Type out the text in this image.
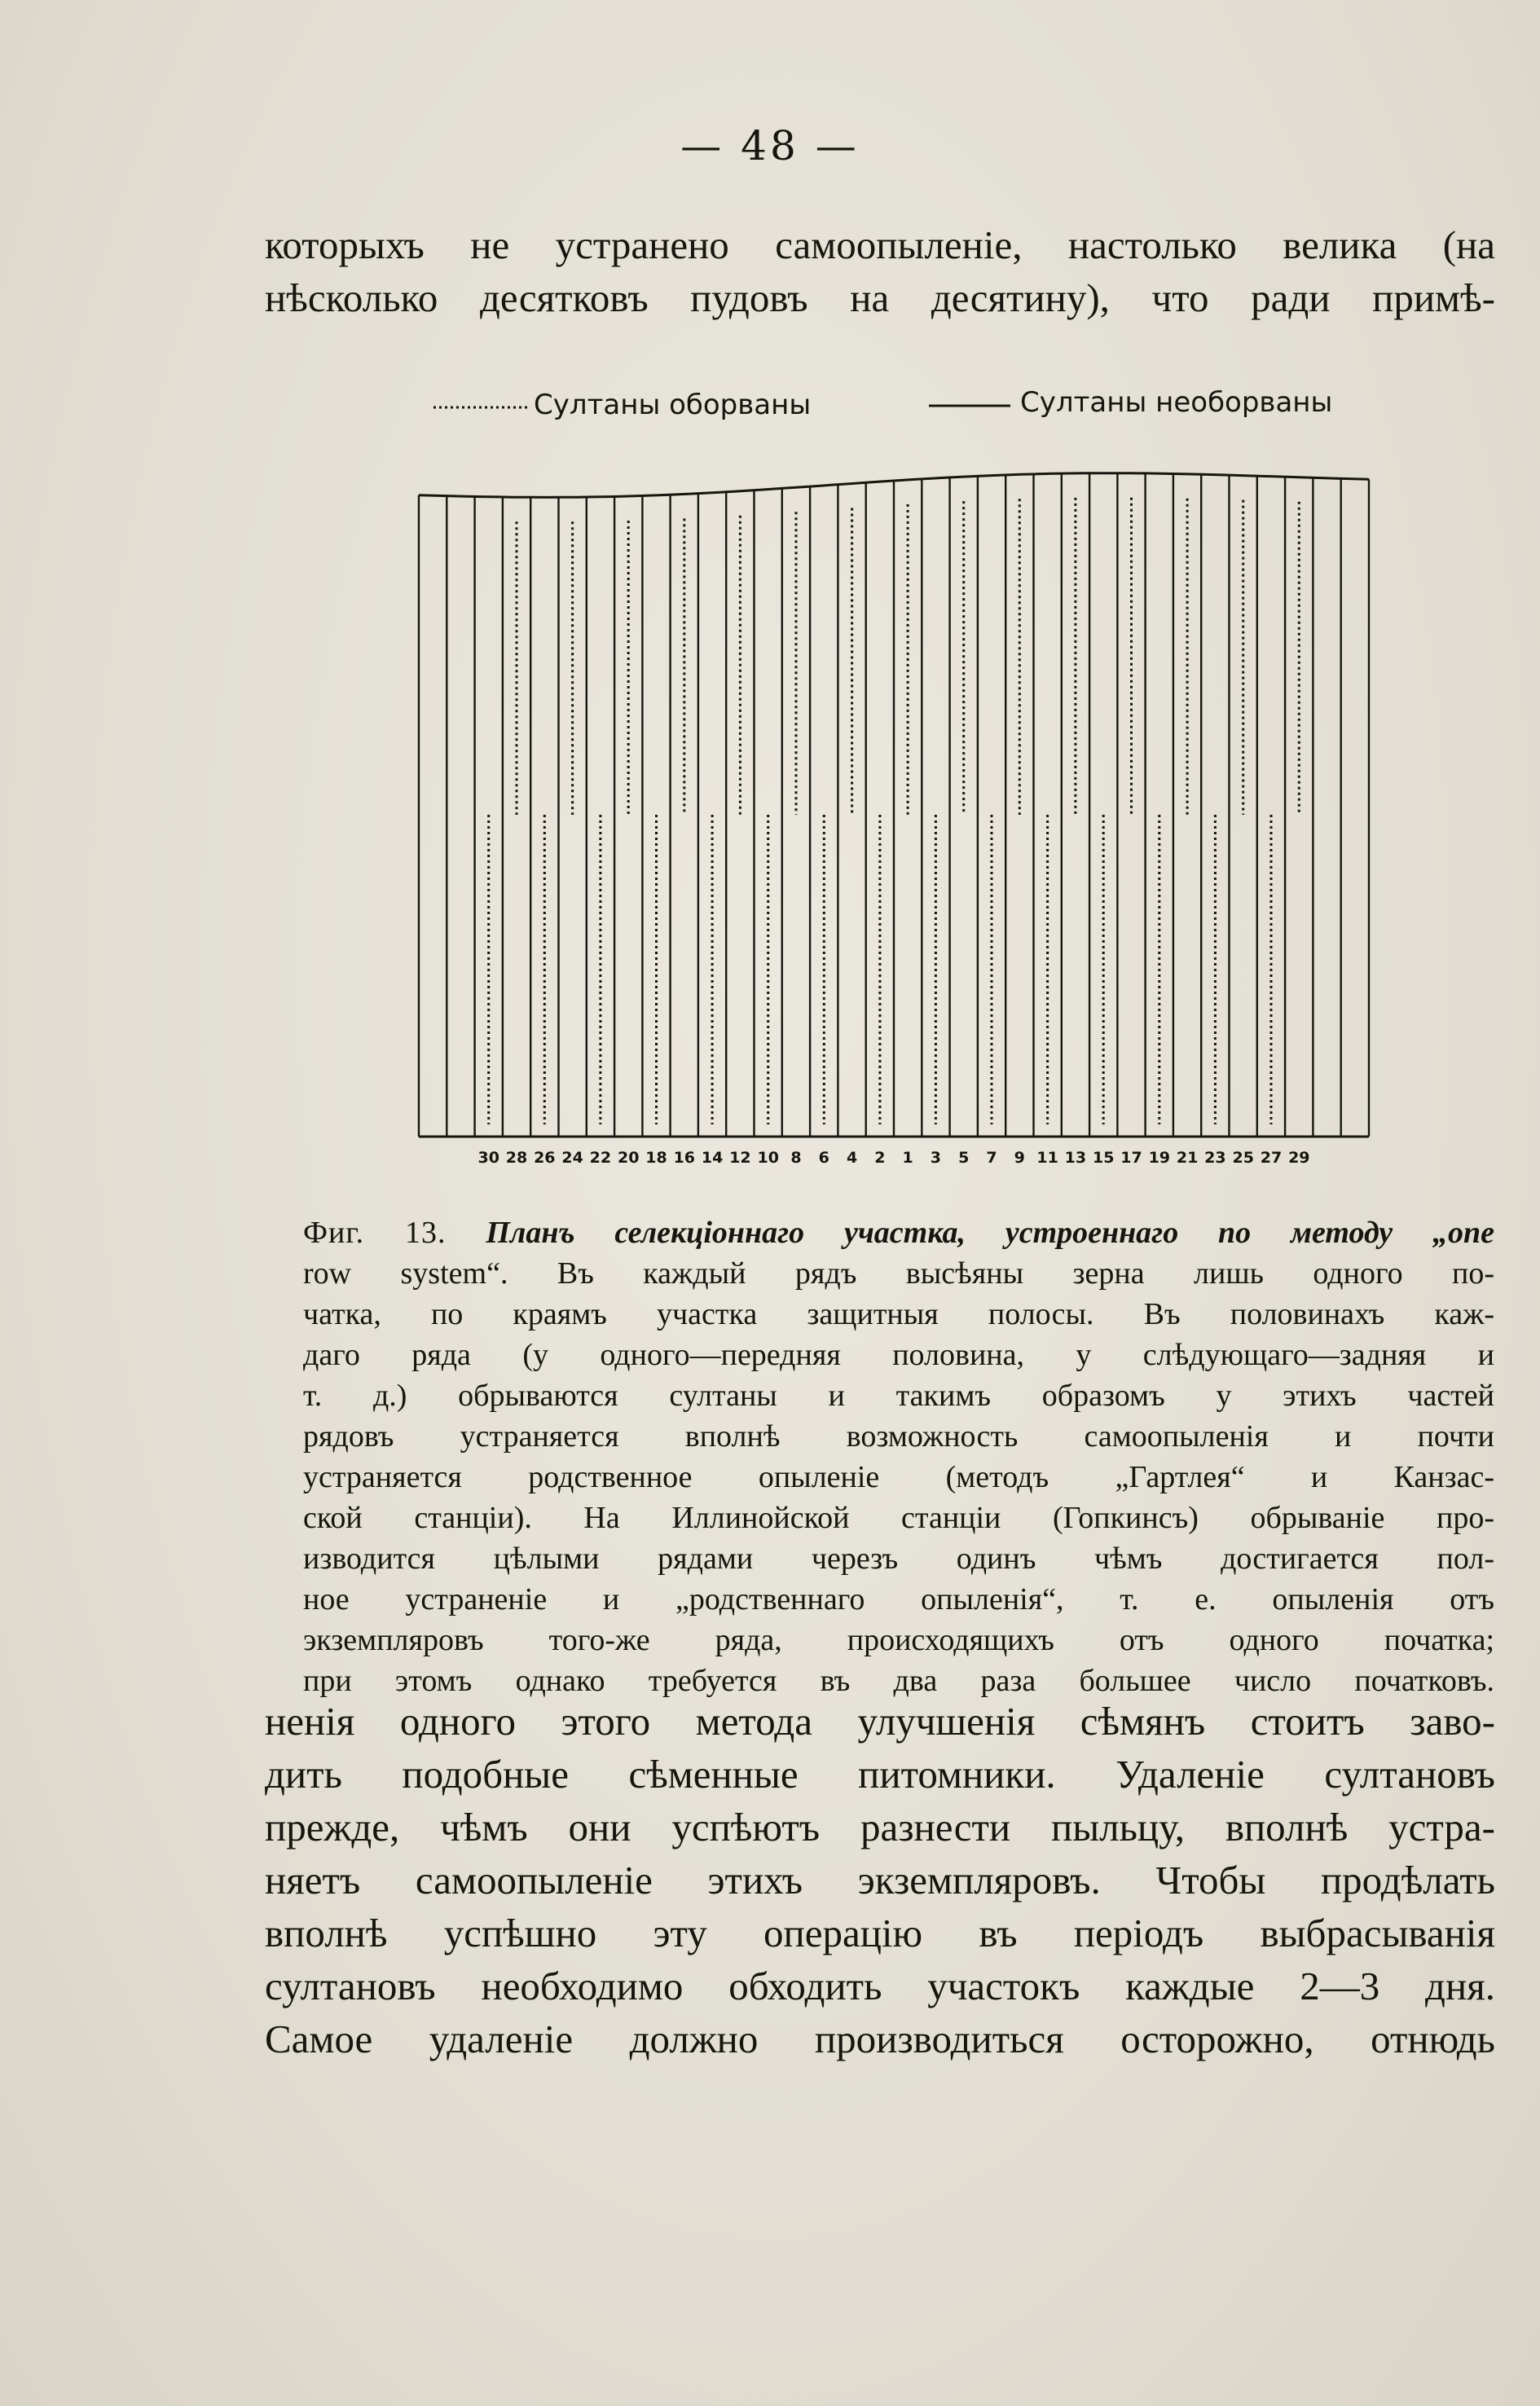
— 48 —
которыхъ не устранено самоопыленіе, настолько велика (на
нѣсколько десятковъ пудовъ на десятину), что ради примѣ-
Султаны оборваны	Султаны необорваны
30 28 26 24 22 20 18 16 14 12 10 8 6 4 2 1 3 5 7 9 11 13 15 17 19 21 23 25 27 29
Фиг. 13. Планъ селекціоннаго участка, устроеннаго по методу „one
row system“. Въ каждый рядъ высѣяны зерна лишь одного по-
чатка, по краямъ участка защитныя полосы. Въ половинахъ каж-
даго ряда (у одного—передняя половина, у слѣдующаго—задняя и
т. д.) обрываются султаны и такимъ образомъ у этихъ частей
рядовъ устраняется вполнѣ возможность самоопыленія и почти
устраняется родственное опыленіе (методъ „Гартлея“ и Канзас-
ской станціи). На Иллинойской станціи (Гопкинсъ) обрыванiе про-
изводится цѣлыми рядами черезъ одинъ чѣмъ достигается пол-
ное устраненіе и „родственнаго опыленія“, т. е. опыленія отъ
экземпляровъ того-же ряда, происходящихъ отъ одного початка;
при этомъ однако требуется въ два раза большее число початковъ.
ненія одного этого метода улучшенія сѣмянъ стоитъ заво-
дить подобные сѣменные питомники. Удаленіе султановъ
прежде, чѣмъ они успѣютъ разнести пыльцу, вполнѣ устра-
няетъ самоопыленіе этихъ экземпляровъ. Чтобы продѣлать
вполнѣ успѣшно эту операцію въ періодъ выбрасыванія
султановъ необходимо обходить участокъ каждые 2—3 дня.
Самое удаленіе должно производиться осторожно, отнюдь
